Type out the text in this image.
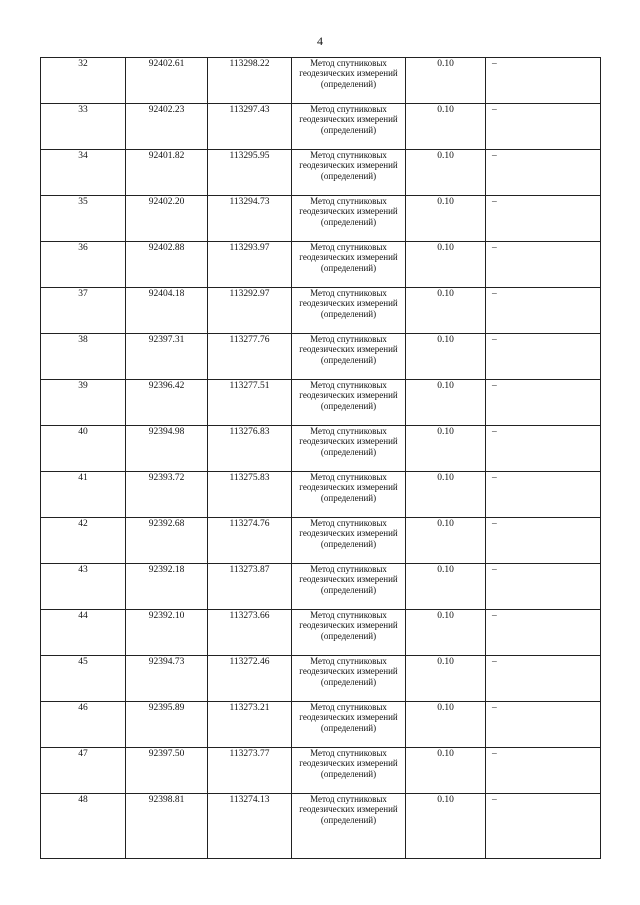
4
32	92402.61	113298.22	Метод спутниковых геодезических измерений (определений)	0.10	–
33	92402.23	113297.43	Метод спутниковых геодезических измерений (определений)	0.10	–
34	92401.82	113295.95	Метод спутниковых геодезических измерений (определений)	0.10	–
35	92402.20	113294.73	Метод спутниковых геодезических измерений (определений)	0.10	–
36	92402.88	113293.97	Метод спутниковых геодезических измерений (определений)	0.10	–
37	92404.18	113292.97	Метод спутниковых геодезических измерений (определений)	0.10	–
38	92397.31	113277.76	Метод спутниковых геодезических измерений (определений)	0.10	–
39	92396.42	113277.51	Метод спутниковых геодезических измерений (определений)	0.10	–
40	92394.98	113276.83	Метод спутниковых геодезических измерений (определений)	0.10	–
41	92393.72	113275.83	Метод спутниковых геодезических измерений (определений)	0.10	–
42	92392.68	113274.76	Метод спутниковых геодезических измерений (определений)	0.10	–
43	92392.18	113273.87	Метод спутниковых геодезических измерений (определений)	0.10	–
44	92392.10	113273.66	Метод спутниковых геодезических измерений (определений)	0.10	–
45	92394.73	113272.46	Метод спутниковых геодезических измерений (определений)	0.10	–
46	92395.89	113273.21	Метод спутниковых геодезических измерений (определений)	0.10	–
47	92397.50	113273.77	Метод спутниковых геодезических измерений (определений)	0.10	–
48	92398.81	113274.13	Метод спутниковых геодезических измерений (определений)	0.10	–
